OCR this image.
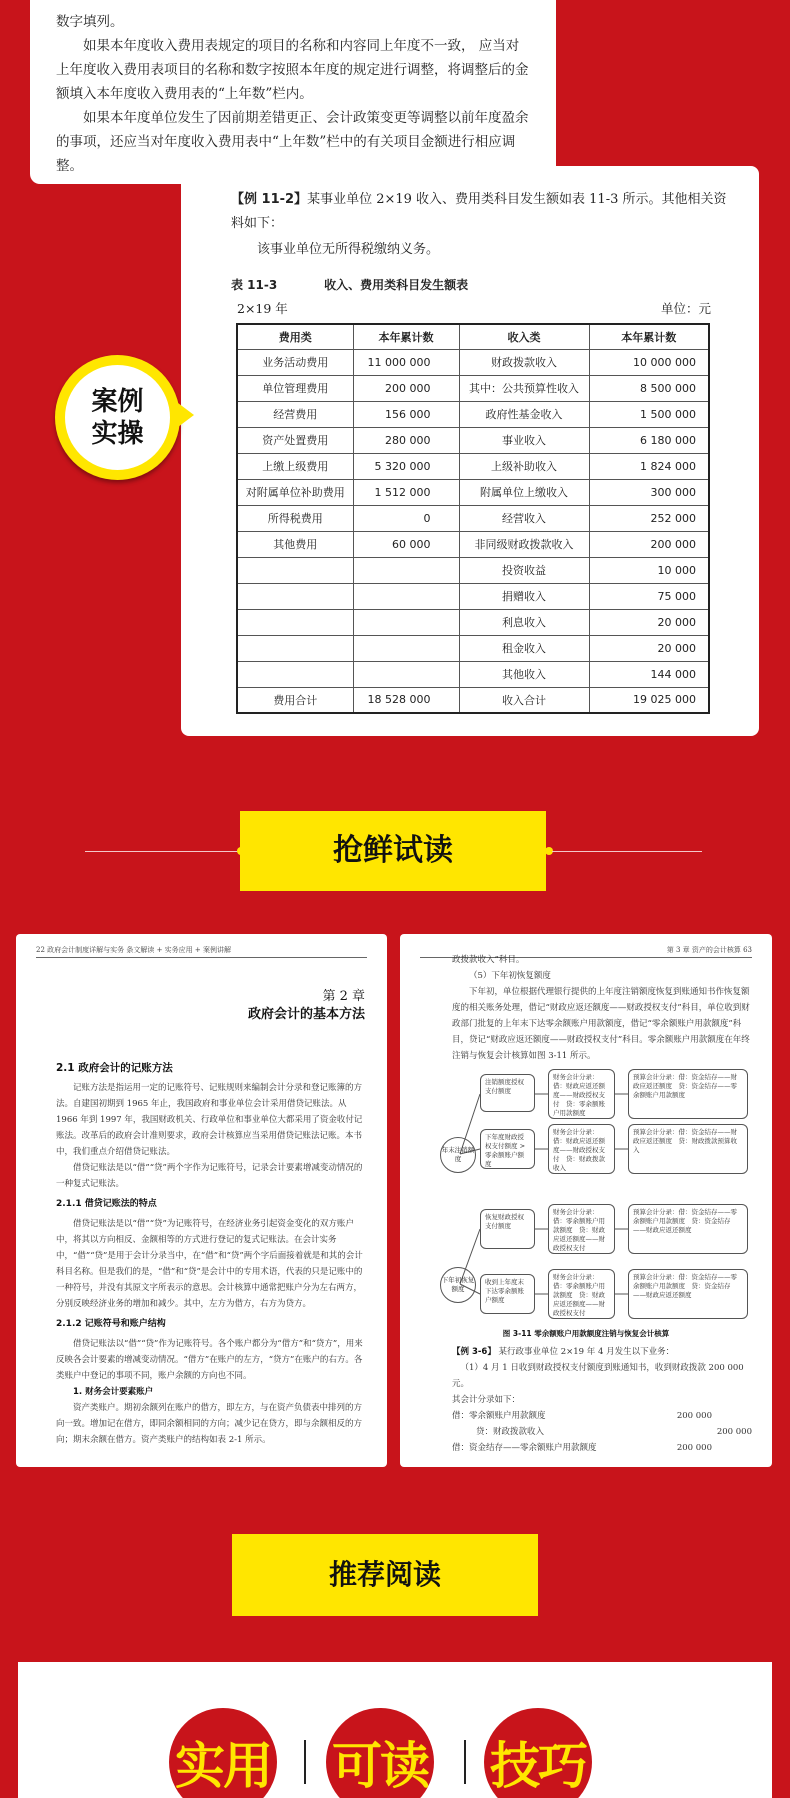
数字填列。

如果本年度收入费用表规定的项目的名称和内容同上年度不一致， 应当对上年度收入费用表项目的名称和数字按照本年度的规定进行调整，将调整后的金额填入本年度收入费用表的“上年数”栏内。

如果本年度单位发生了因前期差错更正、会计政策变更等调整以前年度盈余的事项，还应当对年度收入费用表中“上年数”栏中的有关项目金额进行相应调整。

【例 11-2】某事业单位 2×19 收入、费用类科目发生额如表 11-3 所示。其他相关资料如下：
该事业单位无所得税缴纳义务。
表 11-3	收入、费用类科目发生额表
2×19 年	单位：元
费用类	本年累计数	收入类	本年累计数
业务活动费用	11 000 000	财政拨款收入	10 000 000
单位管理费用	200 000	其中：公共预算性收入	8 500 000
经营费用	156 000	政府性基金收入	1 500 000
资产处置费用	280 000	事业收入	6 180 000
上缴上级费用	5 320 000	上级补助收入	1 824 000
对附属单位补助费用	1 512 000	附属单位上缴收入	300 000
所得税费用	0	经营收入	252 000
其他费用	60 000	非同级财政拨款收入	200 000
		投资收益	10 000
		捐赠收入	75 000
		利息收入	20 000
		租金收入	20 000
		其他收入	144 000
费用合计	18 528 000	收入合计	19 025 000
案例
实操
抢鲜试读
22 政府会计制度详解与实务 条文解读 + 实务应用 + 案例讲解
第 2 章
政府会计的基本方法
2.1 政府会计的记账方法

记账方法是指运用一定的记账符号、记账规则来编制会计分录和登记账簿的方法。自建国初期到 1965 年止，我国政府和事业单位会计采用借贷记账法。从 1966 年到 1997 年，我国财政机关、行政单位和事业单位大都采用了资金收付记账法。改革后的政府会计准则要求，政府会计核算应当采用借贷记账法记账。本书中，我们重点介绍借贷记账法。

借贷记账法是以“借”“贷”两个字作为记账符号，记录会计要素增减变动情况的一种复式记账法。

2.1.1 借贷记账法的特点

借贷记账法是以“借”“贷”为记账符号，在经济业务引起资金变化的双方账户中，将其以方向相反、金额相等的方式进行登记的复式记账法。在会计实务中，“借”“贷”是用于会计分录当中，在“借”和“贷”两个字后面接着就是和其的会计科目名称。但是我们的是，“借”和“贷”是会计中的专用术语，代表的只是记账中的一种符号，并没有其原文字所表示的意思。会计核算中通常把账户分为左右两方，分别反映经济业务的增加和减少。其中，左方为借方，右方为贷方。

2.1.2 记账符号和账户结构

借贷记账法以“借”“贷”作为记账符号。各个账户都分为“借方”和“贷方”，用来反映各会计要素的增减变动情况。“借方”在账户的左方，“贷方”在账户的右方。各类账户中登记的事项不同，账户余额的方向也不同。

1. 财务会计要素账户

资产类账户。期初余额列在账户的借方，即左方，与在资产负债表中排列的方向一致。增加记在借方，即同余额相同的方向；减少记在贷方，即与余额相反的方向；期末余额在借方。资产类账户的结构如表 2-1 所示。

第 3 章 资产的会计核算 63
政拨款收入”科目。
（5）下年初恢复额度

下年初，单位根据代理银行提供的上年度注销额度恢复到账通知书作恢复额度的相关账务处理，借记“财政应返还额度——财政授权支付”科目，单位收到财政部门批复的上年末下达零余额账户用款额度，借记“零余额账户用款额度”科目，贷记“财政应返还额度——财政授权支付”科目。零余额账户用款额度在年终注销与恢复会计核算如图 3-11 所示。

年末注销额度
下年初恢复额度
注销额度授权支付额度
下年度财政授权支付额度 > 零余额账户额度
恢复财政授权支付额度
收到上年度末下达零余额账户额度
财务会计分录：借：财政应返还额度——财政授权支付　贷：零余额账户用款额度
财务会计分录：借：财政应返还额度——财政授权支付　贷：财政拨款收入
财务会计分录：借：零余额账户用款额度　贷：财政应返还额度——财政授权支付
财务会计分录：借：零余额账户用款额度　贷：财政应返还额度——财政授权支付
预算会计分录：借：资金结存——财政应返还额度　贷：资金结存——零余额账户用款额度
预算会计分录：借：资金结存——财政应返还额度　贷：财政拨款预算收入
预算会计分录：借：资金结存——零余额账户用款额度　贷：资金结存——财政应返还额度
预算会计分录：借：资金结存——零余额账户用款额度　贷：资金结存——财政应返还额度
图 3-11 零余额账户用款额度注销与恢复会计核算
【例 3-6】 某行政事业单位 2×19 年 4 月发生以下业务：
（1）4 月 1 日收到财政授权支付额度到账通知书，收到财政拨款 200 000 元。
其会计分录如下：
借：零余额账户用款额度	200 000
贷：财政拨款收入	200 000
借：资金结存——零余额账户用款额度	200 000
推荐阅读
实用 可读 技巧
